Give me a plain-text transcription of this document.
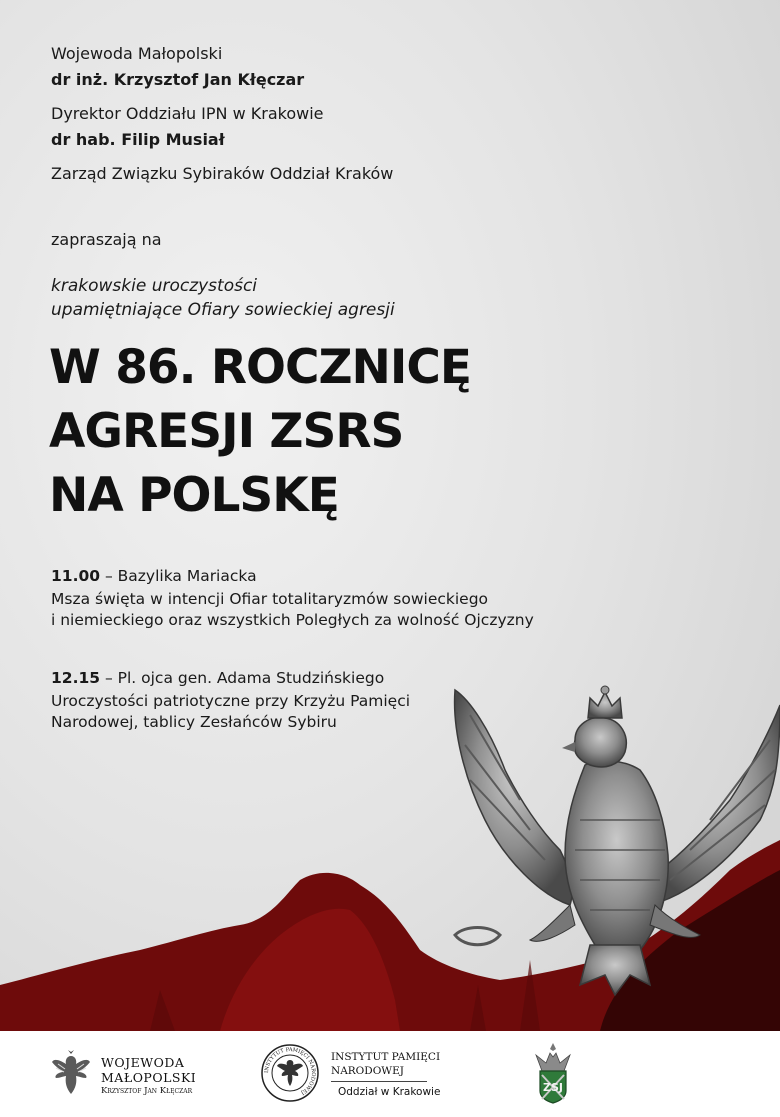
Wojewoda Małopolski
dr inż. Krzysztof Jan Kłęczar
Dyrektor Oddziału IPN w Krakowie
dr hab. Filip Musiał
Zarząd Związku Sybiraków Oddział Kraków
zapraszają na
krakowskie uroczystości
upamiętniające Ofiary sowieckiej agresji
W 86. ROCZNICĘ
AGRESJI ZSRS
NA POLSKĘ
11.00 – Bazylika Mariacka
Msza święta w intencji Ofiar totalitaryzmów sowieckiego
i niemieckiego oraz wszystkich Poległych za wolność Ojczyzny
12.15 – Pl. ojca gen. Adama Studzińskiego
Uroczystości patriotyczne przy Krzyżu Pamięci
Narodowej, tablicy Zesłańców Sybiru
WOJEWODA
MAŁOPOLSKI
Krzysztof Jan Kłęczar
INSTYTUT PAMIĘCI NARODOWEJ
INSTYTUT PAMIĘCI
NARODOWEJ
Oddział w Krakowie	ZSJ
